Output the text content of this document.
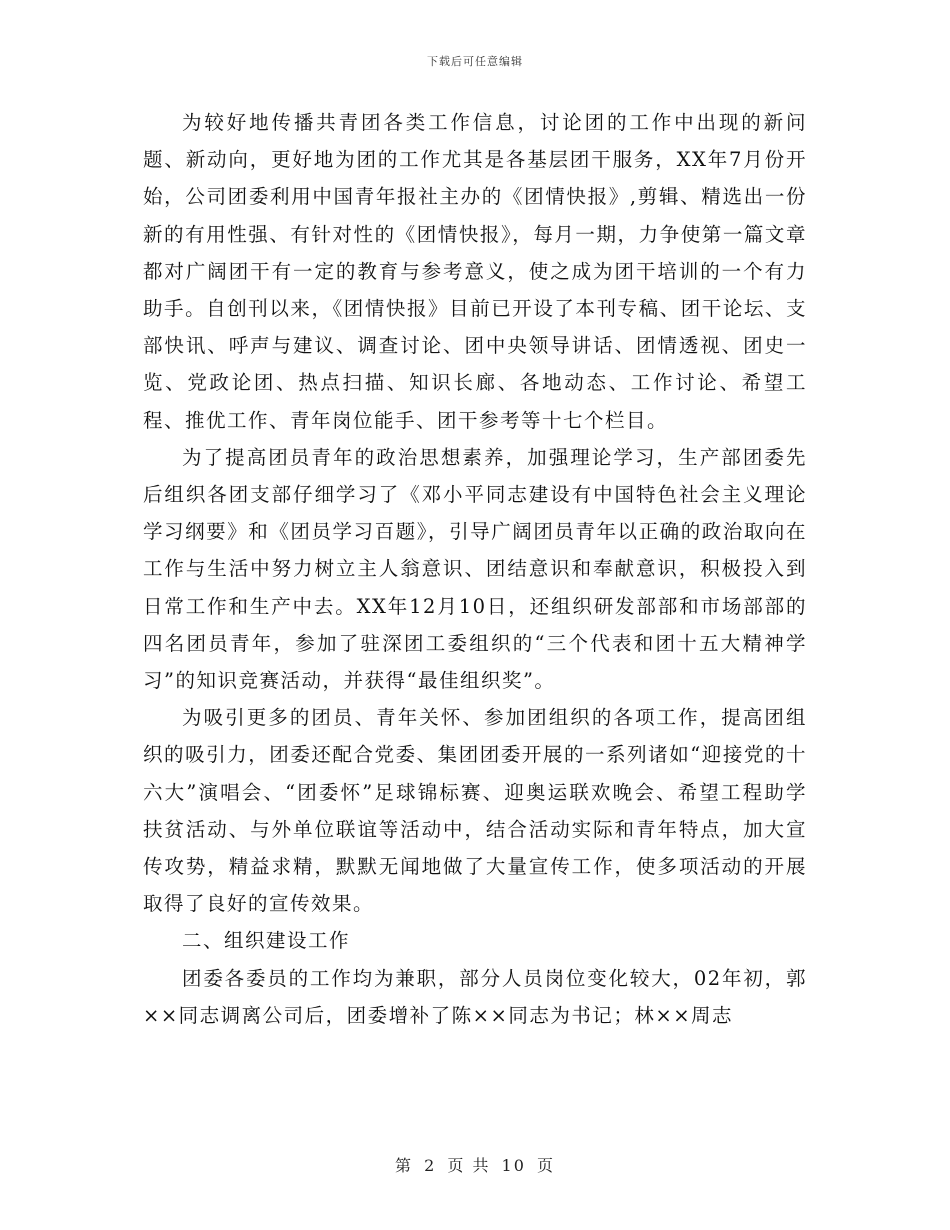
下载后可任意编辑

为较好地传播共青团各类工作信息，讨论团的工作中出现的新问题、新动向，更好地为团的工作尤其是各基层团干服务，XX年7月份开始，公司团委利用中国青年报社主办的《团情快报》,剪辑、精选出一份新的有用性强、有针对性的《团情快报》，每月一期，力争使第一篇文章都对广阔团干有一定的教育与参考意义，使之成为团干培训的一个有力助手。自创刊以来，《团情快报》目前已开设了本刊专稿、团干论坛、支部快讯、呼声与建议、调查讨论、团中央领导讲话、团情透视、团史一览、党政论团、热点扫描、知识长廊、各地动态、工作讨论、希望工程、推优工作、青年岗位能手、团干参考等十七个栏目。

为了提高团员青年的政治思想素养，加强理论学习，生产部团委先后组织各团支部仔细学习了《邓小平同志建设有中国特色社会主义理论学习纲要》和《团员学习百题》，引导广阔团员青年以正确的政治取向在工作与生活中努力树立主人翁意识、团结意识和奉献意识，积极投入到日常工作和生产中去。XX年12月10日，还组织研发部部和市场部部的四名团员青年，参加了驻深团工委组织的“三个代表和团十五大精神学习”的知识竞赛活动，并获得“最佳组织奖”。

为吸引更多的团员、青年关怀、参加团组织的各项工作，提高团组织的吸引力，团委还配合党委、集团团委开展的一系列诸如“迎接党的十六大”演唱会、“团委怀”足球锦标赛、迎奥运联欢晚会、希望工程助学扶贫活动、与外单位联谊等活动中，结合活动实际和青年特点，加大宣传攻势，精益求精，默默无闻地做了大量宣传工作，使多项活动的开展取得了良好的宣传效果。

二、组织建设工作

团委各委员的工作均为兼职，部分人员岗位变化较大，02年初，郭××同志调离公司后，团委增补了陈××同志为书记；林××周志

第 2 页 共 10 页
